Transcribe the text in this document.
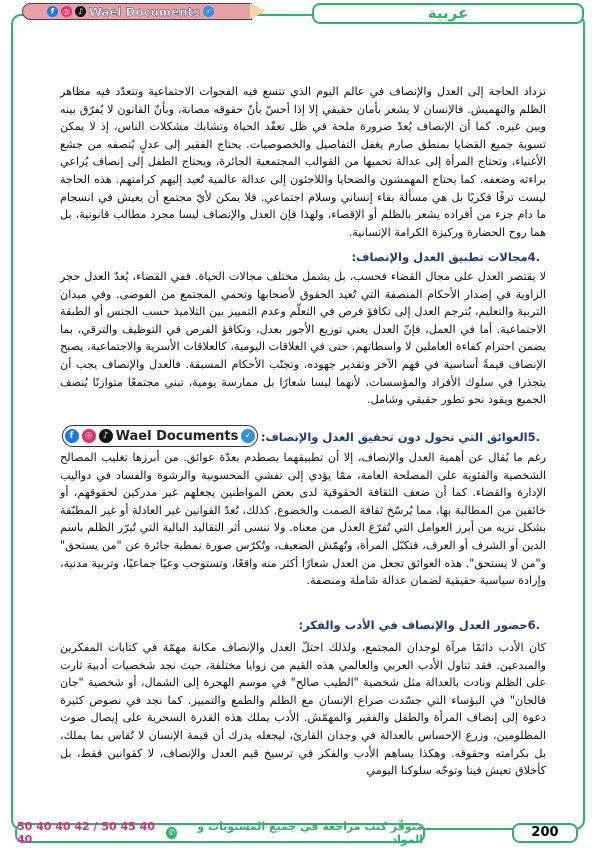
عربية
f	◎ ♪ Wael Documents ✓
تزداد الحاجة إلى العدل والإنصاف في عالم اليوم الذي تتسع فيه الفجوات الاجتماعية وتتعدّد فيه مظاهر الظلم والتهميش. فالإنسان لا يشعر بأمان حقيقي إلا إذا أحسّ بأنّ حقوقه مصانة، وبأنّ القانون لا يُفرّق بينه وبين غيره. كما أن الإنصاف يُعدّ ضرورة ملحة في ظل تعقّد الحياة وتشابك مشكلات الناس، إذ لا يمكن تسوية جميع القضايا بمنطق صارم يغفل التفاصيل والخصوصيات. يحتاج الفقير إلى عدلٍ يُنصفه من جشع الأغنياء، وتحتاج المرأة إلى عدالة تحميها من القوالب المجتمعية الجائرة، ويحتاج الطفل إلى إنصاف يُراعي براءته وضعفه. كما يحتاج المهمشون والضحايا واللاجئون إلى عدالة عالمية تُعيد إليهم كرامتهم. هذه الحاجة ليست ترفًا فكريًا بل هي مسألة بقاء إنساني وسلام اجتماعي. فلا يمكن لأيّ مجتمع أن يعيش في انسجام ما دام جزء من أفراده يشعر بالظلم أو الإقصاء، ولهذا فإن العدل والإنصاف ليسا مجرد مطالب قانونية، بل هما روح الحضارة وركيزة الكرامة الإنسانية.
.4مجالات تطبيق العدل والإنصاف:
لا يقتصر العدل على مجال القضاء فحسب، بل يشمل مختلف مجالات الحياة. ففي القضاء، يُعدّ العدل حجر الزاوية في إصدار الأحكام المنصفة التي تُعيد الحقوق لأصحابها وتحمي المجتمع من الفوضى. وفي ميدان التربية والتعليم، يُترجم العدل إلى تكافؤ فرص في التعلّم وعدم التمييز بين التلاميذ حسب الجنس أو الطبقة الاجتماعية. أما في العمل، فإنّ العدل يعني توزيع الأجور بعدل، وتكافؤ الفرص في التوظيف والترقي، بما يضمن احترام كفاءة العاملين لا واسطاتهم. حتى في العلاقات اليومية، كالعلاقات الأسرية والاجتماعية، يصبح الإنصاف قيمةً أساسية في فهم الآخر وتقدير جهوده، وتجنّب الأحكام المسبقة. فالعدل والإنصاف يجب أن يتجذرا في سلوك الأفراد والمؤسسات، لأنهما ليسا شعارًا بل ممارسة يومية، تبني مجتمعًا متوازنًا يُنصف الجميع ويقود نحو تطور حقيقي وشامل.
f	◎	♪ Wael Documents ✓ .5العوائق التي تحول دون تحقيق العدل والإنصاف:
رغم ما يُقال عن أهمية العدل والإنصاف، إلا أن تطبيقهما يصطدم بعدّة عوائق. من أبرزها تغليب المصالح الشخصية والفئوية على المصلحة العامة، ممّا يؤدي إلى تفشي المحسوبية والرشوة والفساد في دواليب الإدارة والقضاء. كما أن ضعف الثقافة الحقوقية لدى بعض المواطنين يجعلهم غير مدركين لحقوقهم، أو خائفين من المطالبة بها، مما يُرسّخ ثقافة الصمت والخضوع. كذلك، تُعدّ القوانين غير العادلة أو غير المطبّقة بشكل نزيه من أبرز العوامل التي تُفرّغ العدل من معناه. ولا ننسى أثر التقاليد البالية التي تُبرّر الظلم باسم الدين أو الشرف أو العرف، فتكبّل المرأة، وتُهمّش الضعيف، وتُكرّس صورة نمطية جائرة عن "من يستحق" و"من لا يستحق". هذه العوائق تجعل من العدل شعارًا أكثر منه واقعًا، وتستوجب وعيًا جماعيًا، وتربية مدنية، وإرادة سياسية حقيقية لضمان عدالة شاملة ومنصفة.
.6حضور العدل والإنصاف في الأدب والفكر:
كان الأدب دائمًا مرآة لوجدان المجتمع، ولذلك احتلّ العدل والإنصاف مكانة مهمّة في كتابات المفكرين والمبدعين. فقد تناول الأدب العربي والعالمي هذه القيم من زوايا مختلفة، حيث نجد شخصيات أدبية ثارت على الظلم ونادت بالعدالة مثل شخصية "الطيب صالح" في موسم الهجرة إلى الشمال، أو شخصية "جان فالجان" في البؤساء التي جسّدت صراع الإنسان مع الظلم والطمع والتمييز. كما نجد في نصوص كثيرة دعوة إلى إنصاف المرأة والطفل والفقير والمهمّش. الأدب يملك هذه القدرة السحرية على إيصال صوت المظلومين، وزرع الإحساس بالعدالة في وجدان القارئ، ليجعله يدرك أن قيمة الإنسان لا تُقاس بما يملك، بل بكرامته وحقوقه. وهكذا يساهم الأدب والفكر في ترسيخ قيم العدل والإنصاف، لا كقوانين فقط، بل كأخلاق تعيش فينا وتوجّه سلوكنا اليومي
50 40 40 42 / 50 45 40 40
✆	متوفّر كتب مراجعة في جميع المستويات و المواد	200
